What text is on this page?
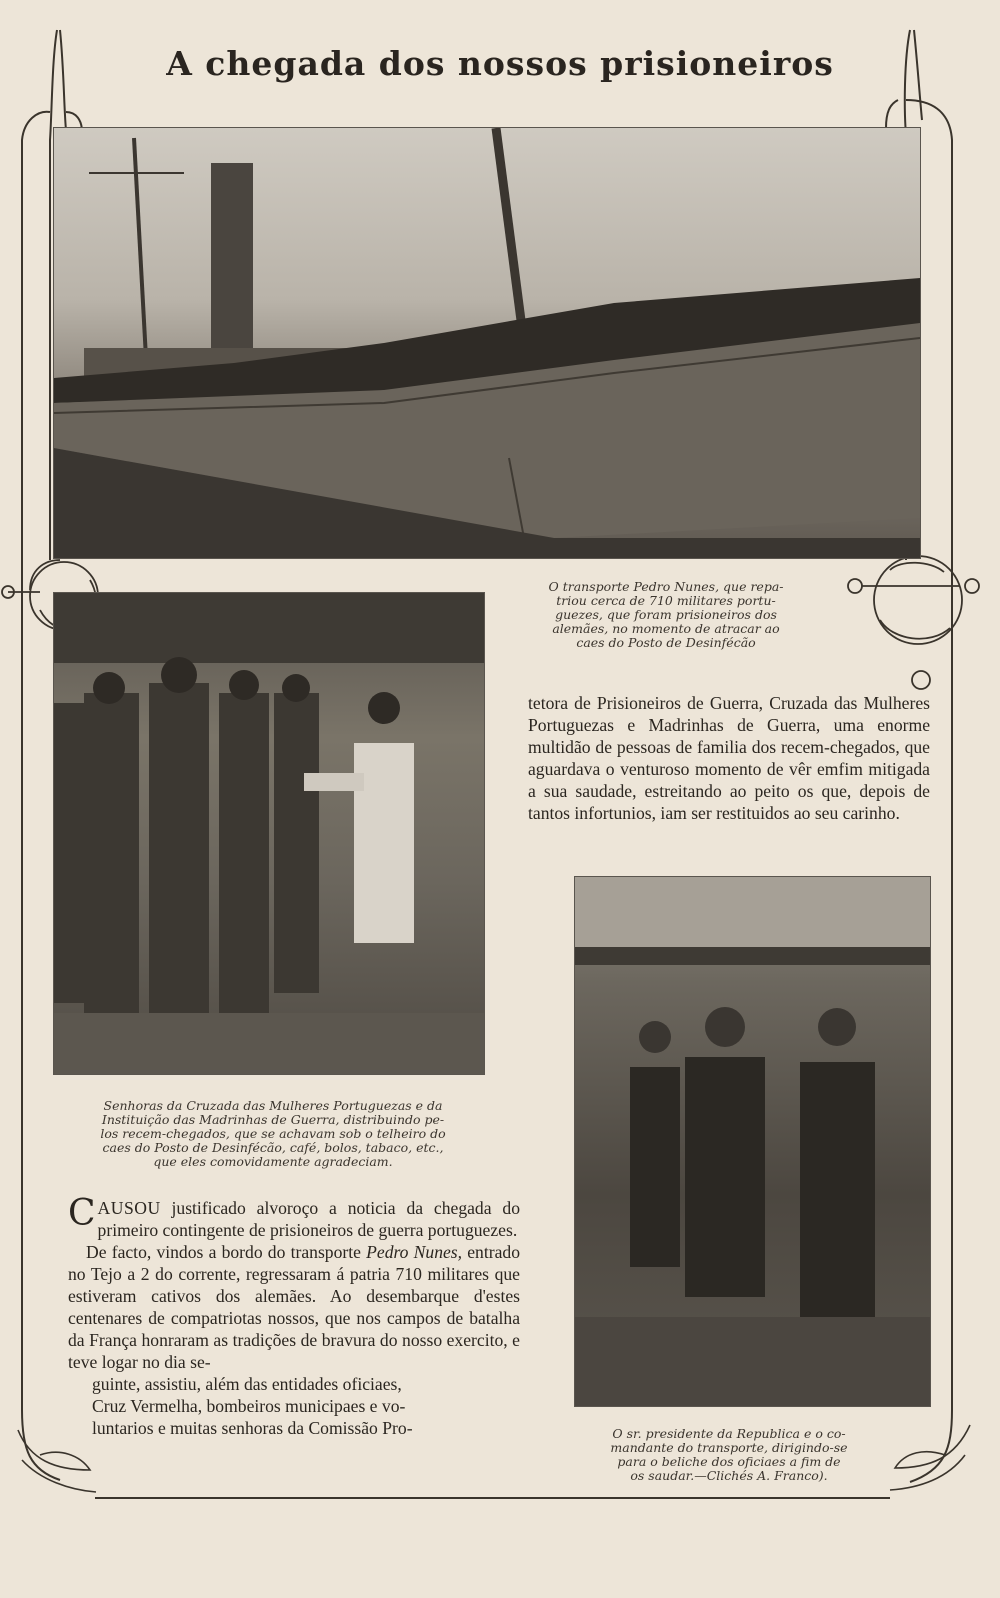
A chegada dos nossos prisioneiros
O transporte Pedro Nunes, que repa-
triou cerca de 710 militares portu-
guezes, que foram prisioneiros dos
alemães, no momento de atracar ao
caes do Posto de Desinfécão
Senhoras da Cruzada das Mulheres Portuguezas e da
Instituição das Madrinhas de Guerra, distribuindo pe-
los recem-chegados, que se achavam sob o telheiro do
caes do Posto de Desinfécão, café, bolos, tabaco, etc.,
que eles comovidamente agradeciam.

tetora de Prisioneiros de Guerra, Cruzada das Mulheres Portuguezas e Madrinhas de Guerra, uma enorme multidão de pessoas de familia dos recem-chegados, que aguardava o venturoso momento de vêr emfim mitigada a sua saudade, estreitando ao peito os que, depois de tantos infortunios, iam ser restituidos ao seu carinho.

O sr. presidente da Republica e o co-
mandante do transporte, dirigindo-se
para o beliche dos oficiaes a fim de
os saudar.—Clichés A. Franco).
CAUSOU justificado alvoroço a noticia da chegada do primeiro contingente de prisioneiros de guerra portuguezes.
De facto, vindos a bordo do transporte Pedro Nunes, entrado no Tejo a 2 do corrente, regressaram á patria 710 militares que estiveram cativos dos alemães. Ao desembarque d'estes centenares de compatriotas nossos, que nos campos de batalha da França honraram as tradições de bravura do nosso exercito, e teve logar no dia se-
guinte, assistiu, além das entidades oficiaes,
Cruz Vermelha, bombeiros municipaes e vo-
luntarios e muitas senhoras da Comissão Pro-
